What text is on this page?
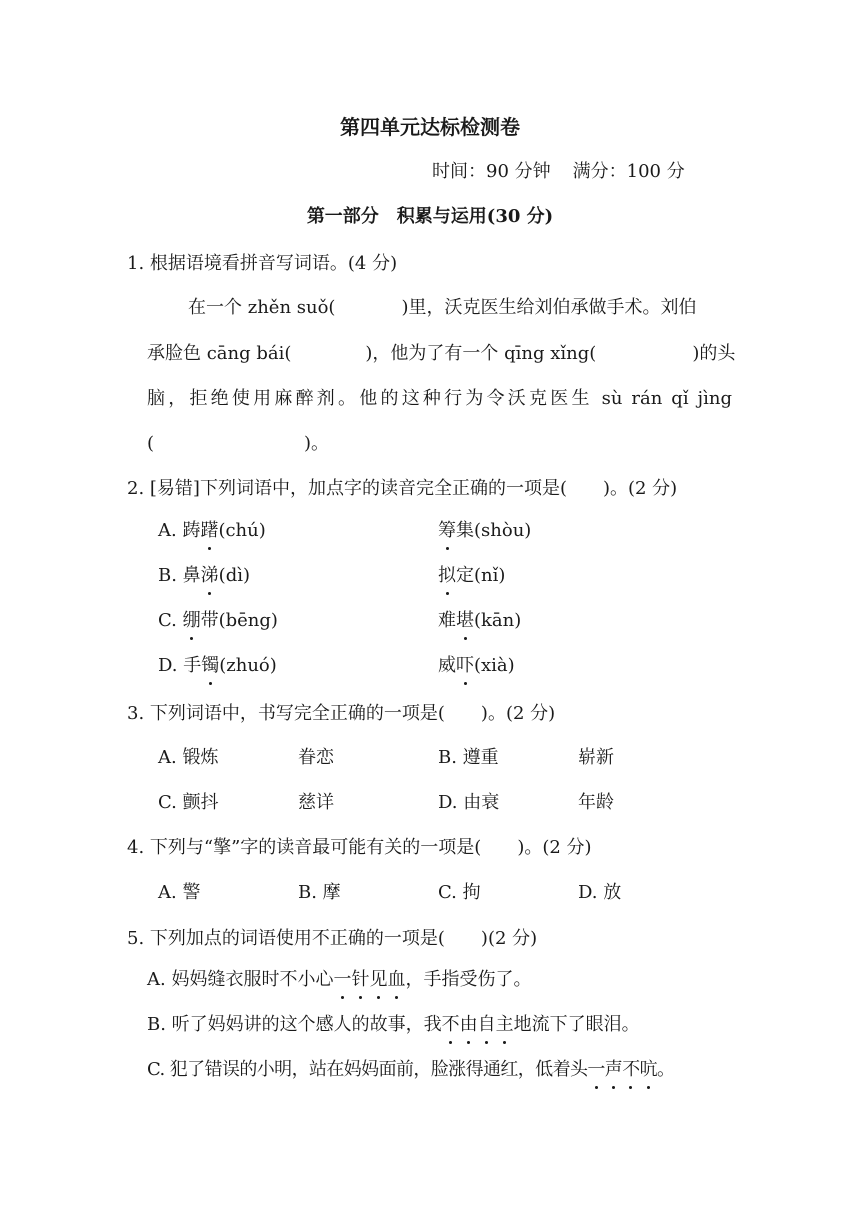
第四单元达标检测卷
时间：90 分钟 满分：100 分
第一部分　积累与运用(30 分)
1. 根据语境看拼音写词语。(4 分)
在一个 zhěn suǒ(	)里，沃克医生给刘伯承做手术。刘伯
承脸色 cāng bái(	)，他为了有一个 qīng xǐng(	)的头
脑，拒绝使用麻醉剂。他的这种行为令沃克医生 sù rán qǐ jìng
(	)。
2. [易错]下列词语中，加点字的读音完全正确的一项是(　　)。(2 分)
A. 踌躇(chú)	筹集(shòu)
B. 鼻涕(dì)	拟定(nǐ)
C. 绷带(bēng)	难堪(kān)
D. 手镯(zhuó)	威吓(xià)
3. 下列词语中，书写完全正确的一项是(　　)。(2 分)
A. 锻炼	眷恋	B. 遵重	崭新
C. 颤抖	慈详	D. 由衰	年龄
4. 下列与“擎”字的读音最可能有关的一项是(　　)。(2 分)
A. 警	B. 摩	C. 拘	D. 放
5. 下列加点的词语使用不正确的一项是(　　)(2 分)
A. 妈妈缝衣服时不小心一针见血，手指受伤了。
B. 听了妈妈讲的这个感人的故事，我不由自主地流下了眼泪。
C. 犯了错误的小明，站在妈妈面前，脸涨得通红，低着头一声不吭。
